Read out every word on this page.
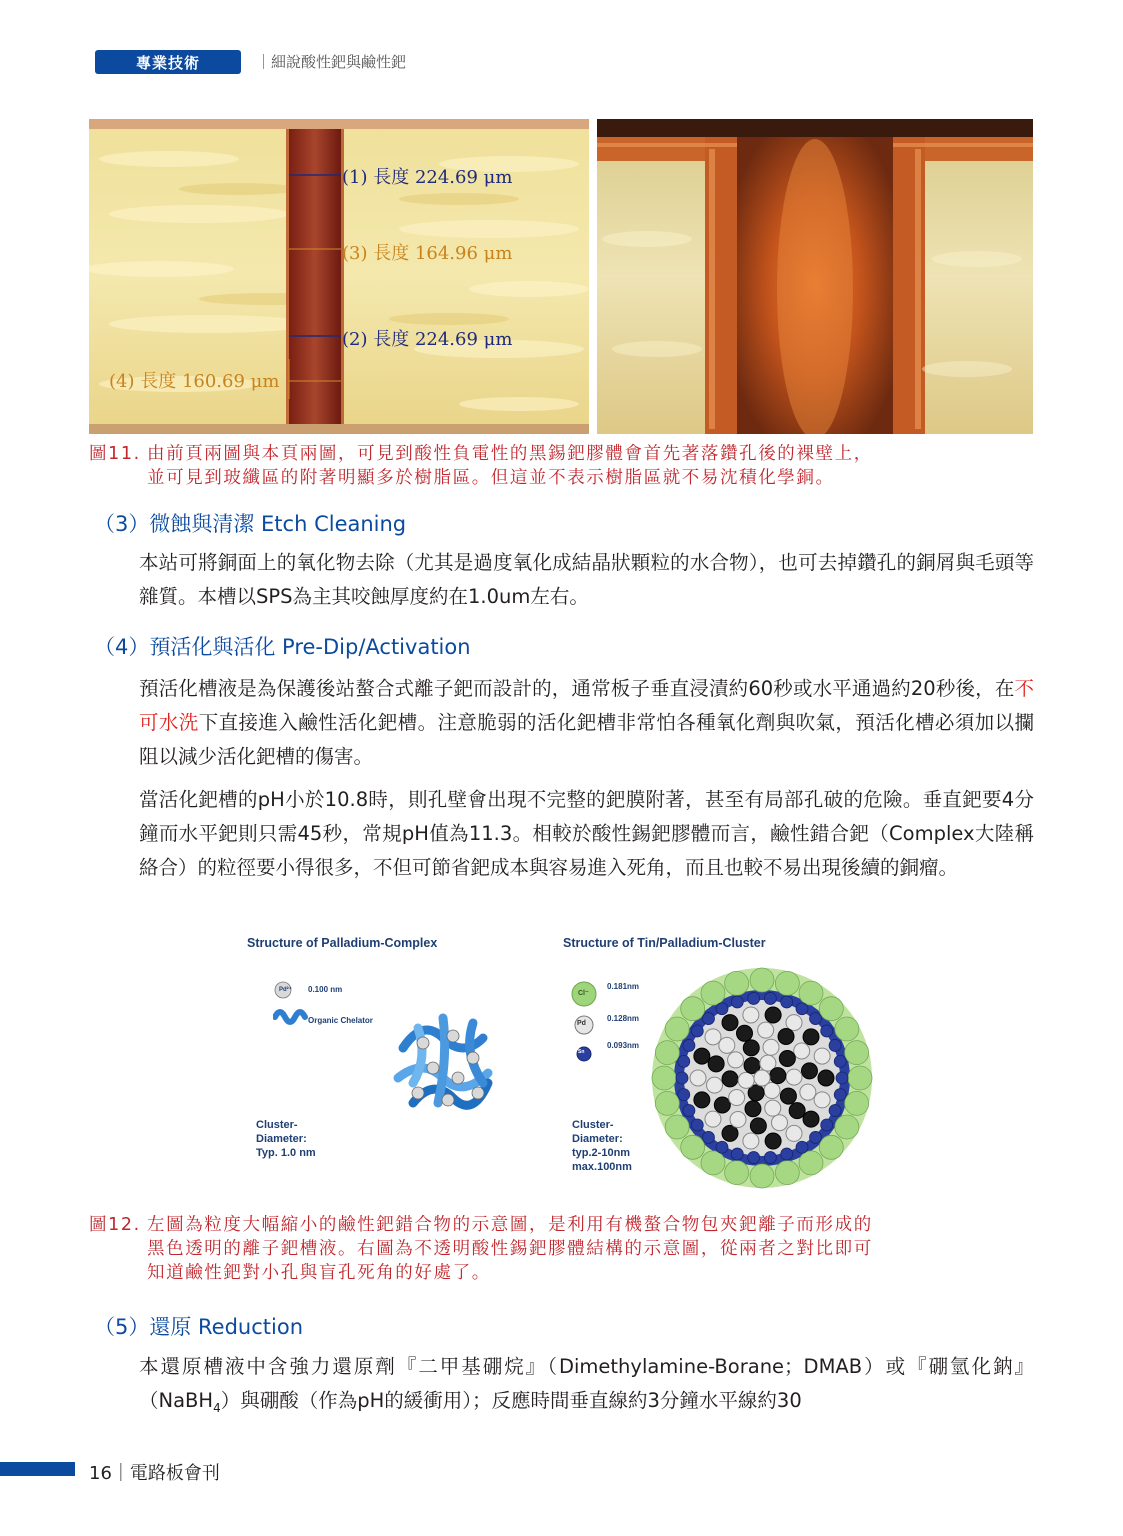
專業技術	｜細說酸性鈀與鹼性鈀
(1) 長度 224.69 μm
(3) 長度 164.96 μm
(2) 長度 224.69 μm
(4) 長度 160.69 μm
圖11. 由前頁兩圖與本頁兩圖，可見到酸性負電性的黑錫鈀膠體會首先著落鑽孔後的裸壁上，
並可見到玻纖區的附著明顯多於樹脂區。但這並不表示樹脂區就不易沈積化學銅。
（3）微蝕與清潔 Etch Cleaning
本站可將銅面上的氧化物去除（尤其是過度氧化成結晶狀顆粒的水合物），也可去掉鑽孔的銅屑與毛頭等雜質。本槽以SPS為主其咬蝕厚度約在1.0um左右。
（4）預活化與活化 Pre-Dip/Activation
預活化槽液是為保護後站螯合式離子鈀而設計的，通常板子垂直浸漬約60秒或水平通過約20秒後，在不可水洗下直接進入鹼性活化鈀槽。注意脆弱的活化鈀槽非常怕各種氧化劑與吹氣，預活化槽必須加以攔阻以減少活化鈀槽的傷害。
當活化鈀槽的pH小於10.8時，則孔壁會出現不完整的鈀膜附著，甚至有局部孔破的危險。垂直鈀要4分鐘而水平鈀則只需45秒，常規pH值為11.3。相較於酸性錫鈀膠體而言，鹼性錯合鈀（Complex大陸稱絡合）的粒徑要小得很多，不但可節省鈀成本與容易進入死角，而且也較不易出現後續的銅瘤。
Structure of Palladium-Complex	Structure of Tin/Palladium-Cluster
Pd²⁺ 0.100 nm
Organic Chelator
Cluster-
Diameter:
Typ. 1.0 nm
Cl⁻
Pd
Sn
0.181nm
0.128nm
0.093nm
Cluster-
Diameter:
typ.2-10nm
max.100nm
圖12. 左圖為粒度大幅縮小的鹼性鈀錯合物的示意圖，是利用有機螯合物包夾鈀離子而形成的
黑色透明的離子鈀槽液。右圖為不透明酸性錫鈀膠體結構的示意圖，從兩者之對比即可
知道鹼性鈀對小孔與盲孔死角的好處了。
（5）還原 Reduction
本還原槽液中含強力還原劑『二甲基硼烷』（Dimethylamine-Borane；DMAB）或『硼氫化鈉』（NaBH$_4$）與硼酸（作為pH的緩衝用）；反應時間垂直線約3分鐘水平線約30
16｜電路板會刊
